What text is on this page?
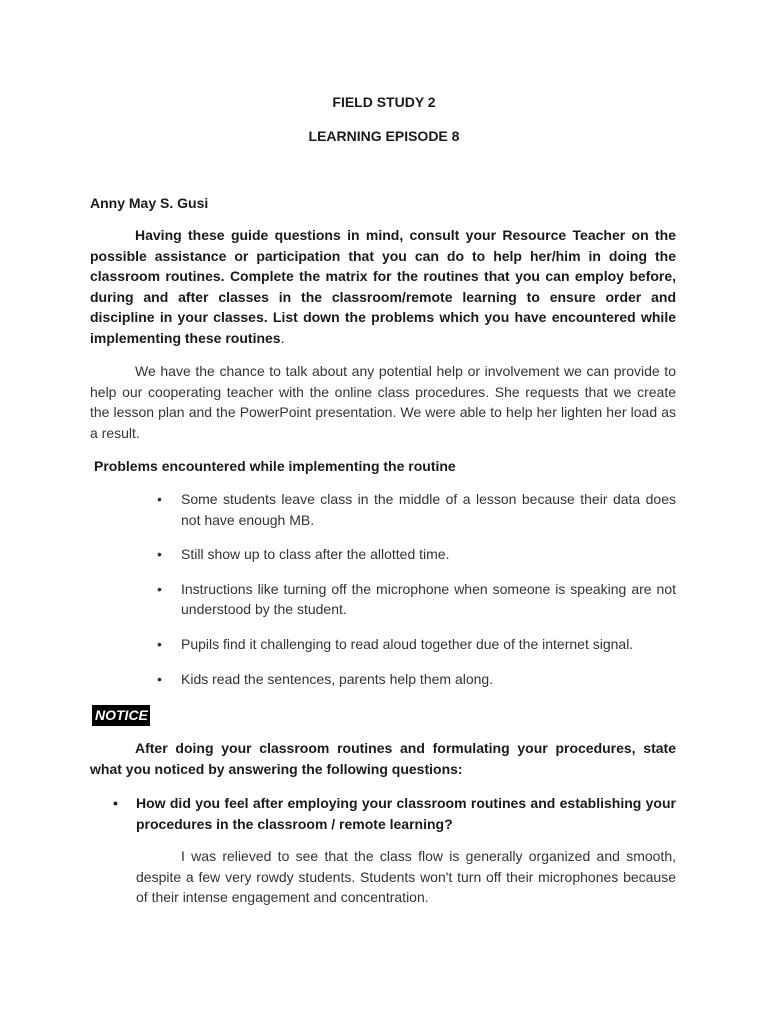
FIELD STUDY 2
LEARNING EPISODE 8
Anny May S. Gusi

Having these guide questions in mind, consult your Resource Teacher on the possible assistance or participation that you can do to help her/him in doing the classroom routines. Complete the matrix for the routines that you can employ before, during and after classes in the classroom/remote learning to ensure order and discipline in your classes. List down the problems which you have encountered while implementing these routines.

We have the chance to talk about any potential help or involvement we can provide to help our cooperating teacher with the online class procedures. She requests that we create the lesson plan and the PowerPoint presentation. We were able to help her lighten her load as a result.

Problems encountered while implementing the routine
• Some students leave class in the middle of a lesson because their data does not have enough MB.
• Still show up to class after the allotted time.
• Instructions like turning off the microphone when someone is speaking are not understood by the student.
• Pupils find it challenging to read aloud together due of the internet signal.
• Kids read the sentences, parents help them along.
NOTICE

After doing your classroom routines and formulating your procedures, state what you noticed by answering the following questions:

• How did you feel after employing your classroom routines and establishing your procedures in the classroom / remote learning?

I was relieved to see that the class flow is generally organized and smooth, despite a few very rowdy students. Students won't turn off their microphones because of their intense engagement and concentration.
